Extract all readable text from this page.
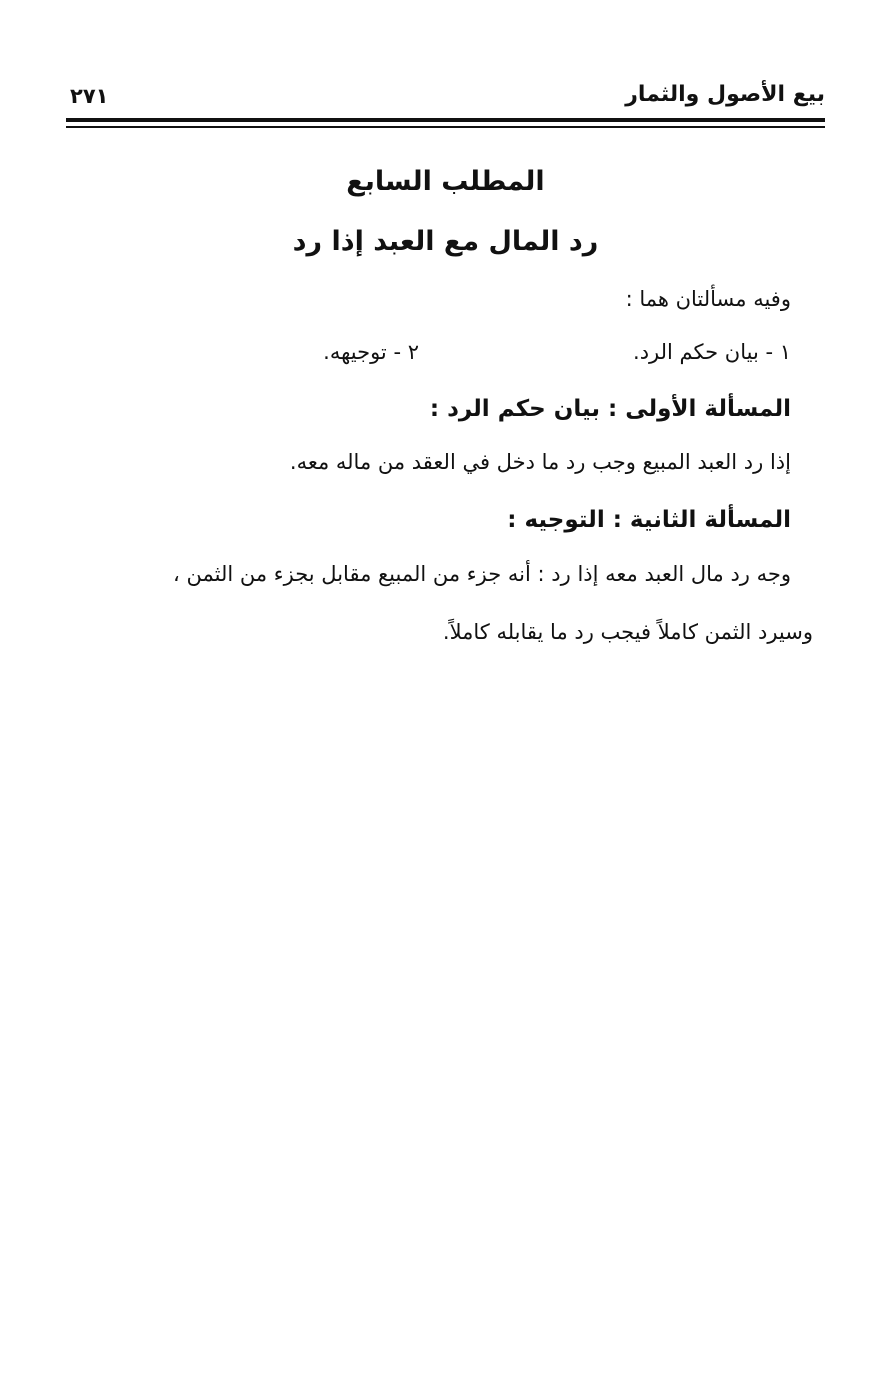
بيع الأصول والثمار
٢٧١
المطلب السابع
رد المال مع العبد إذا رد
وفيه مسألتان هما :
١ - بيان حكم الرد.
٢ - توجيهه.
المسألة الأولى : بيان حكم الرد :
إذا رد العبد المبيع وجب رد ما دخل في العقد من ماله معه.
المسألة الثانية : التوجيه :
وجه رد مال العبد معه إذا رد : أنه جزء من المبيع مقابل بجزء من الثمن ،
وسيرد الثمن كاملاً فيجب رد ما يقابله كاملاً.
